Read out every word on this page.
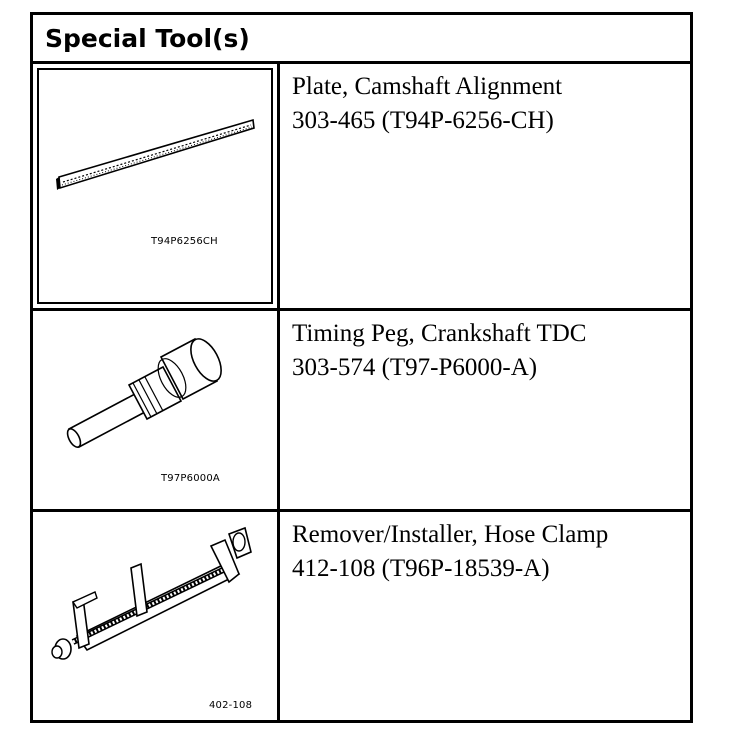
Special Tool(s)
T94P6256CH
Plate, Camshaft Alignment
303-465 (T94P-6256-CH)
T97P6000A
Timing Peg, Crankshaft TDC
303-574 (T97-P6000-A)
402-108
Remover/Installer, Hose Clamp
412-108 (T96P-18539-A)
